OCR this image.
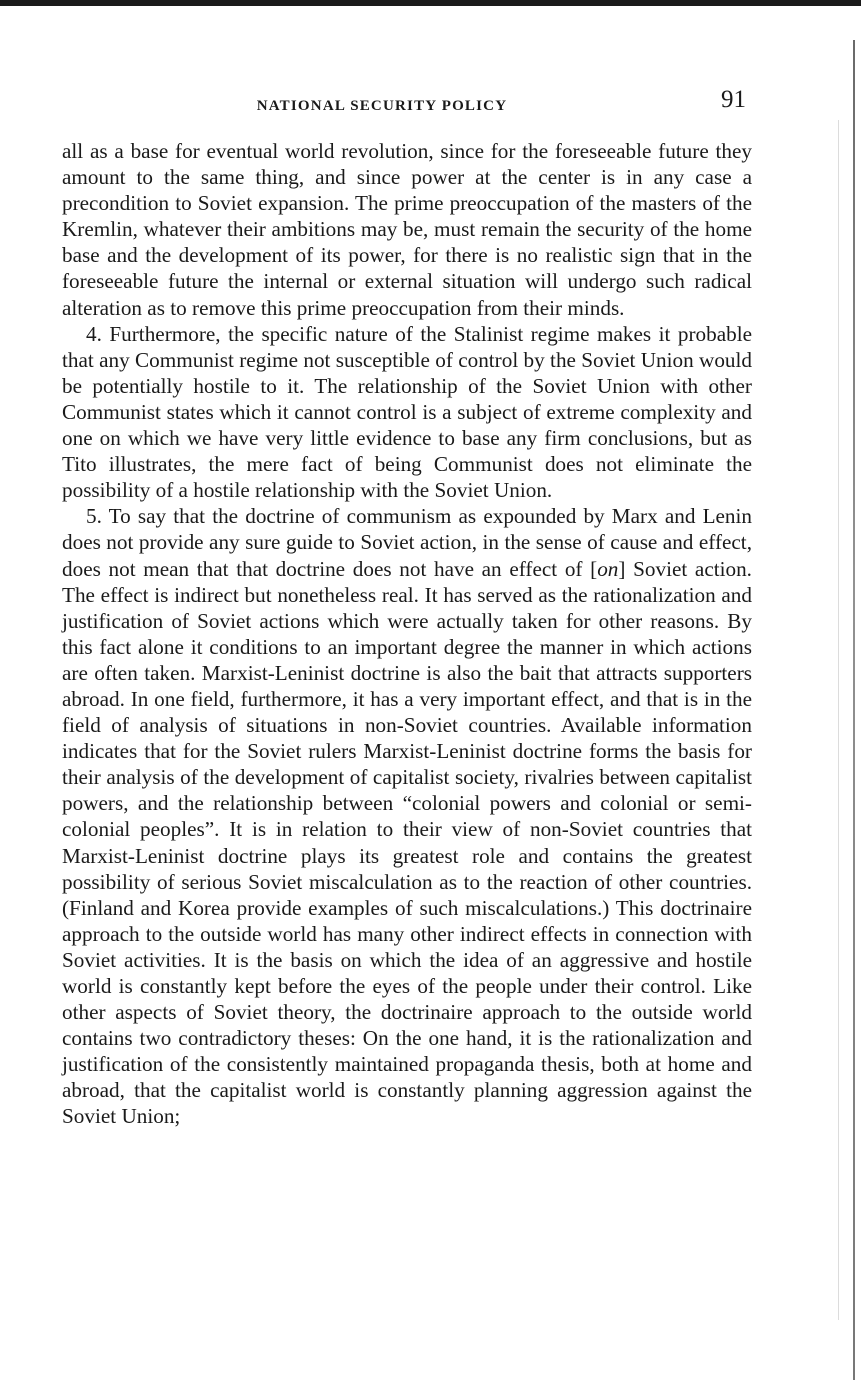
NATIONAL SECURITY POLICY	91

all as a base for eventual world revolution, since for the foreseeable future they amount to the same thing, and since power at the center is in any case a precondition to Soviet expansion. The prime preoccupation of the masters of the Kremlin, whatever their ambitions may be, must remain the security of the home base and the development of its power, for there is no realistic sign that in the foreseeable future the internal or external situation will undergo such radical alteration as to remove this prime preoccupation from their minds.

4. Furthermore, the specific nature of the Stalinist regime makes it probable that any Communist regime not susceptible of control by the Soviet Union would be potentially hostile to it. The relationship of the Soviet Union with other Communist states which it cannot control is a subject of extreme complexity and one on which we have very little evidence to base any firm conclusions, but as Tito illustrates, the mere fact of being Communist does not eliminate the possibility of a hostile relationship with the Soviet Union.

5. To say that the doctrine of communism as expounded by Marx and Lenin does not provide any sure guide to Soviet action, in the sense of cause and effect, does not mean that that doctrine does not have an effect of [on] Soviet action. The effect is indirect but nonetheless real. It has served as the rationalization and justification of Soviet actions which were actually taken for other reasons. By this fact alone it conditions to an important degree the manner in which actions are often taken. Marxist-Leninist doctrine is also the bait that attracts supporters abroad. In one field, furthermore, it has a very important effect, and that is in the field of analysis of situations in non-Soviet countries. Available information indicates that for the Soviet rulers Marxist-Leninist doctrine forms the basis for their analysis of the development of capitalist society, rivalries between capitalist powers, and the relationship between “colonial powers and colonial or semi-colonial peoples”. It is in relation to their view of non-Soviet countries that Marxist-Leninist doctrine plays its greatest role and contains the greatest possibility of serious Soviet miscalculation as to the reaction of other countries. (Finland and Korea provide examples of such miscalculations.) This doctrinaire approach to the outside world has many other indirect effects in connection with Soviet activities. It is the basis on which the idea of an aggressive and hostile world is constantly kept before the eyes of the people under their control. Like other aspects of Soviet theory, the doctrinaire approach to the outside world contains two contradictory theses: On the one hand, it is the rationalization and justification of the consistently maintained propaganda thesis, both at home and abroad, that the capitalist world is constantly planning aggression against the Soviet Union;
